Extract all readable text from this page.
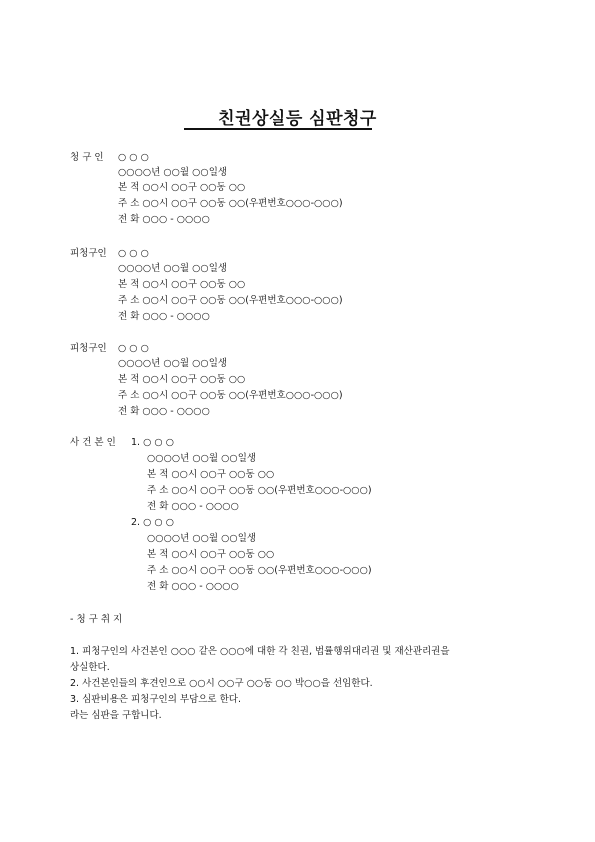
친권상실등 심판청구
청 구 인 ○ ○ ○
○○○○년 ○○월 ○○일생
본 적 ○○시 ○○구 ○○동 ○○
주 소 ○○시 ○○구 ○○동 ○○(우편번호○○○-○○○)
전 화 ○○○ - ○○○○
피청구인 ○ ○ ○
○○○○년 ○○월 ○○일생
본 적 ○○시 ○○구 ○○동 ○○
주 소 ○○시 ○○구 ○○동 ○○(우편번호○○○-○○○)
전 화 ○○○ - ○○○○
피청구인 ○ ○ ○
○○○○년 ○○월 ○○일생
본 적 ○○시 ○○구 ○○동 ○○
주 소 ○○시 ○○구 ○○동 ○○(우편번호○○○-○○○)
전 화 ○○○ - ○○○○
사 건 본 인 1. ○ ○ ○
○○○○년 ○○월 ○○일생
본 적 ○○시 ○○구 ○○동 ○○
주 소 ○○시 ○○구 ○○동 ○○(우편번호○○○-○○○)
전 화 ○○○ - ○○○○
2. ○ ○ ○
○○○○년 ○○월 ○○일생
본 적 ○○시 ○○구 ○○동 ○○
주 소 ○○시 ○○구 ○○동 ○○(우편번호○○○-○○○)
전 화 ○○○ - ○○○○
- 청 구 취 지
1. 피청구인의 사건본인 ○○○ 같은 ○○○에 대한 각 친권, 법률행위대리권 및 재산관리권을
상실한다.
2. 사건본인들의 후견인으로 ○○시 ○○구 ○○동 ○○ 박○○을 선임한다.
3. 심판비용은 피청구인의 부담으로 한다.
라는 심판을 구합니다.
